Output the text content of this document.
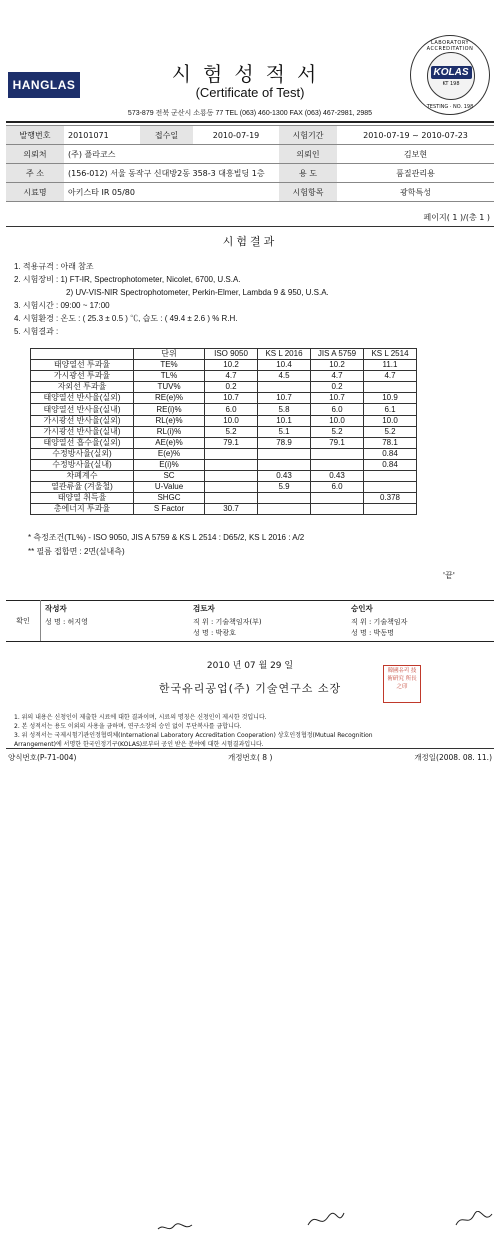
HANGLAS	시험성적서
(Certificate of Test)
573-879 전북 군산시 소룡동 77 TEL (063) 460-1300 FAX (063) 467-2981, 2985
LABORATORY ACCREDITATION
KOLAS
KT 198
TESTING · NO. 198
발행번호	20101071	접수일	2010-07-19	시험기간	2010-07-19 ~ 2010-07-23
의뢰처	(주) 플라코스			의뢰인	김보현
주 소	(156-012) 서울 동작구 신대방2동 358-3 대흥빌딩 1층			용 도	품질관리용
시료명	아키스타 IR 05/80			시험항목	광학특성
페이지( 1 )/(총 1 )
시험결과
1. 적용규격 : 아래 참조
2. 시험장비 : 1) FT-IR, Spectrophotometer, Nicolet, 6700, U.S.A.
2) UV-VIS-NIR Spectrophotometer, Perkin-Elmer, Lambda 9 & 950, U.S.A.
3. 시험시간 : 09:00 ~ 17:00
4. 시험환경 : 온도 : ( 25.3 ± 0.5 ) ℃, 습도 : ( 49.4 ± 2.6 ) % R.H.
5. 시험결과 :
	단위	ISO 9050	KS L 2016	JIS A 5759	KS L 2514
태양열선 투과율	TE%	10.2	10.4	10.2	11.1
가시광선 투과율	TL%	4.7	4.5	4.7	4.7
자외선 투과율	TUV%	0.2		0.2	
태양열선 반사율(실외)	RE(e)%	10.7	10.7	10.7	10.9
태양열선 반사율(실내)	RE(i)%	6.0	5.8	6.0	6.1
가시광선 반사율(실외)	RL(e)%	10.0	10.1	10.0	10.0
가시광선 반사율(실내)	RL(i)%	5.2	5.1	5.2	5.2
태양열선 흡수율(실외)	AE(e)%	79.1	78.9	79.1	78.1
수정방사율(실외)	E(e)%				0.84
수정방사율(실내)	E(i)%				0.84
차폐계수	SC		0.43	0.43	
열관류율 (겨울철)	U-Value		5.9	6.0	
태양열 취득율	SHGC				0.378
총에너지 투과율	S Factor	30.7			
* 측정조건(TL%) - ISO 9050, JIS A 5759 & KS L 2514 : D65/2, KS L 2016 : A/2
** 필름 접합면 : 2면(실내측)
'끝'
확인	
작성자
성 명 : 허지영

검토자
직 위 : 기술책임자(부)
성 명 : 박광호

승인자
직 위 : 기술책임자
성 명 : 박동명
2010 년 07 월 29 일
한국유리공업(주) 기술연구소 소장
韓國유리 技術硏究 所長之印
1. 위의 내용은 신청인이 제출한 시료에 대한 결과이며, 시료의 명칭은 신청인이 제시한 것입니다.
2. 본 성적서는 용도 이외의 사용을 금하며, 연구소장의 승인 없이 무단복사를 금합니다.
3. 위 성적서는 국제시험기관인정협력체(International Laboratory Accreditation Cooperation) 상호인정협정(Mutual Recognition
Arrangement)에 서명한 한국인정기구(KOLAS)로부터 공인 받은 분야에 대한 시험결과입니다.
양식번호(P-71-004)	개정번호( 8 )	개정일(2008. 08. 11.)
